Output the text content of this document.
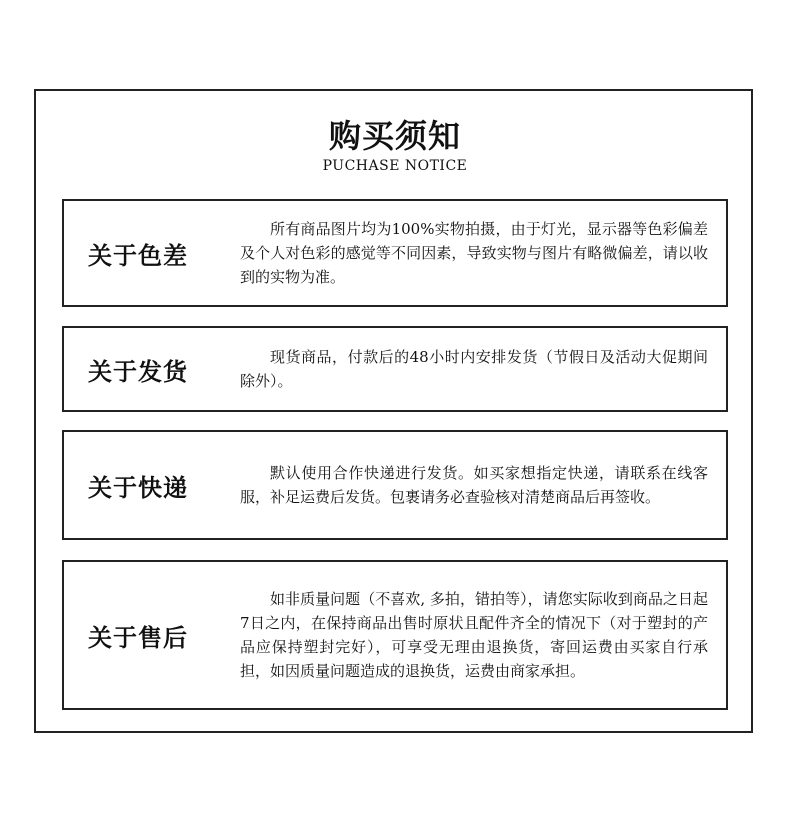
购买须知
PUCHASE NOTICE
关于色差

所有商品图片均为100%实物拍摄，由于灯光，显示器等色彩偏差及个人对色彩的感觉等不同因素，导致实物与图片有略微偏差，请以收到的实物为准。

关于发货	现货商品，付款后的48小时内安排发货（节假日及活动大促期间除外）。

关于快递	默认使用合作快递进行发货。如买家想指定快递，请联系在线客服，补足运费后发货。包裹请务必查验核对清楚商品后再签收。

关于售后

如非质量问题（不喜欢, 多拍，错拍等），请您实际收到商品之日起7日之内，在保持商品出售时原状且配件齐全的情况下（对于塑封的产品应保持塑封完好），可享受无理由退换货，寄回运费由买家自行承担，如因质量问题造成的退换货，运费由商家承担。
